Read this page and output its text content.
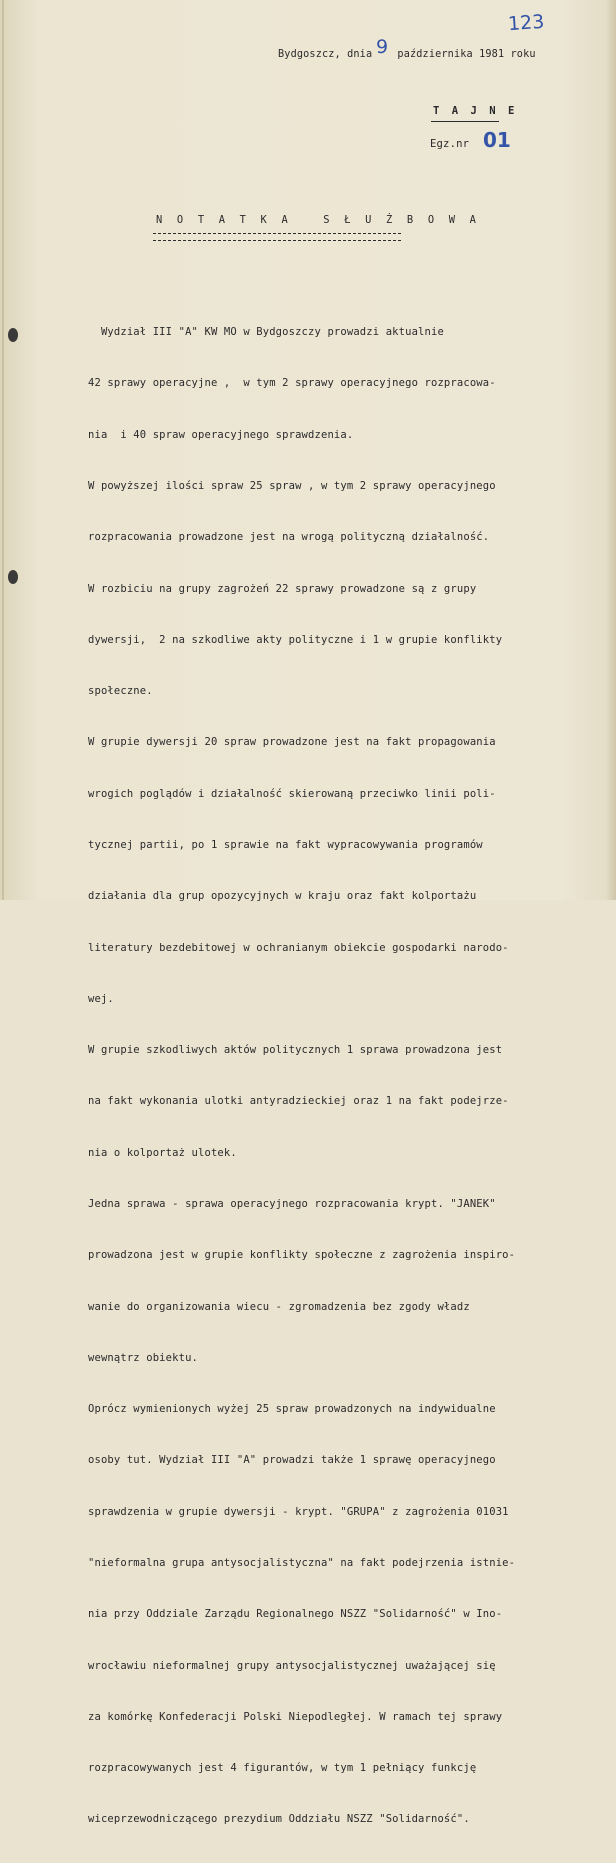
123
Bydgoszcz, dnia października 1981 roku
9
T A J N E
Egz.nr 01
N O T A T K A   S Ł U Ż B O W A

Wydział III "A" KW MO w Bydgoszczy prowadzi aktualnie

42 sprawy operacyjne ,  w tym 2 sprawy operacyjnego rozpracowa-

nia  i 40 spraw operacyjnego sprawdzenia.

W powyższej ilości spraw 25 spraw , w tym 2 sprawy operacyjnego

rozpracowania prowadzone jest na wrogą polityczną działalność.

W rozbiciu na grupy zagrożeń 22 sprawy prowadzone są z grupy

dywersji,  2 na szkodliwe akty polityczne i 1 w grupie konflikty

społeczne.

W grupie dywersji 20 spraw prowadzone jest na fakt propagowania

wrogich poglądów i działalność skierowaną przeciwko linii poli-

tycznej partii, po 1 sprawie na fakt wypracowywania programów

działania dla grup opozycyjnych w kraju oraz fakt kolportażu

literatury bezdebitowej w ochranianym obiekcie gospodarki narodo-

wej.

W grupie szkodliwych aktów politycznych 1 sprawa prowadzona jest

na fakt wykonania ulotki antyradzieckiej oraz 1 na fakt podejrze-

nia o kolportaż ulotek.

Jedna sprawa - sprawa operacyjnego rozpracowania krypt. "JANEK"

prowadzona jest w grupie konflikty społeczne z zagrożenia inspiro-

wanie do organizowania wiecu - zgromadzenia bez zgody władz

wewnątrz obiektu.

Oprócz wymienionych wyżej 25 spraw prowadzonych na indywidualne

osoby tut. Wydział III "A" prowadzi także 1 sprawę operacyjnego

sprawdzenia w grupie dywersji - krypt. "GRUPA" z zagrożenia 01031

"nieformalna grupa antysocjalistyczna" na fakt podejrzenia istnie-

nia przy Oddziale Zarządu Regionalnego NSZZ "Solidarność" w Ino-

wrocławiu nieformalnej grupy antysocjalistycznej uważającej się

za komórkę Konfederacji Polski Niepodległej. W ramach tej sprawy

rozpracowywanych jest 4 figurantów, w tym 1 pełniący funkcję

wiceprzewodniczącego prezydium Oddziału NSZZ "Solidarność".
